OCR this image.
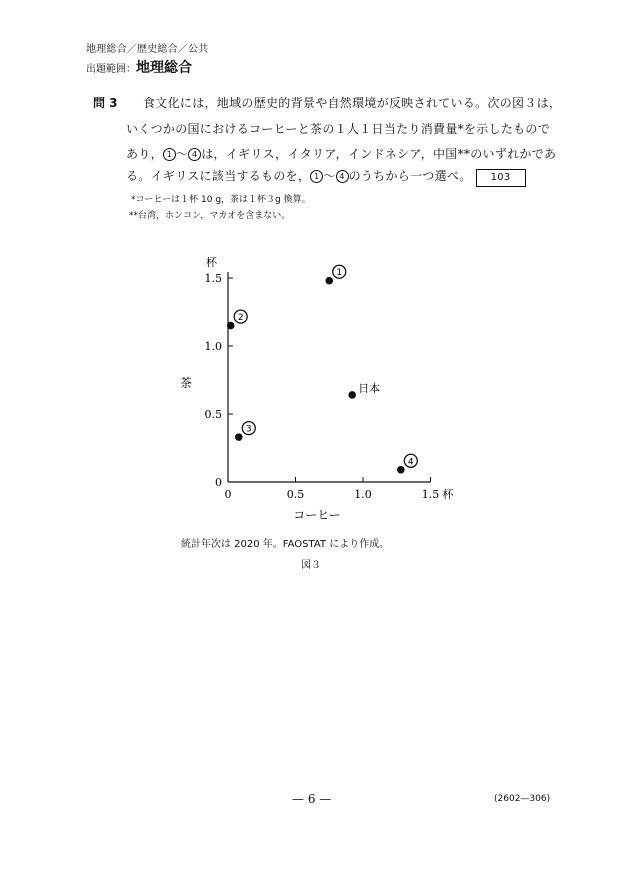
地理総合／歴史総合／公共
出題範囲：地理総合
問 3 食文化には，地域の歴史的背景や自然環境が反映されている。次の図３は，
いくつかの国におけるコーヒーと茶の１人１日当たり消費量*を示したもので
あり， 1 ～ 4 は，イギリス，イタリア，インドネシア，中国**のいずれかであ
る。イギリスに該当するものを， 1 ～ 4 のうちから一つ選べ。 103
*コーヒーは１杯 10 g，茶は１杯３g 換算。
**台湾，ホンコン，マカオを含まない。
0
0.5
1.0
1.5
0	0.5	1.0	1.5
杯
杯
茶
コーヒー
1
2
日本
3
4
統計年次は 2020 年。FAOSTAT により作成。
図３
— 6 —	(2602—306)
